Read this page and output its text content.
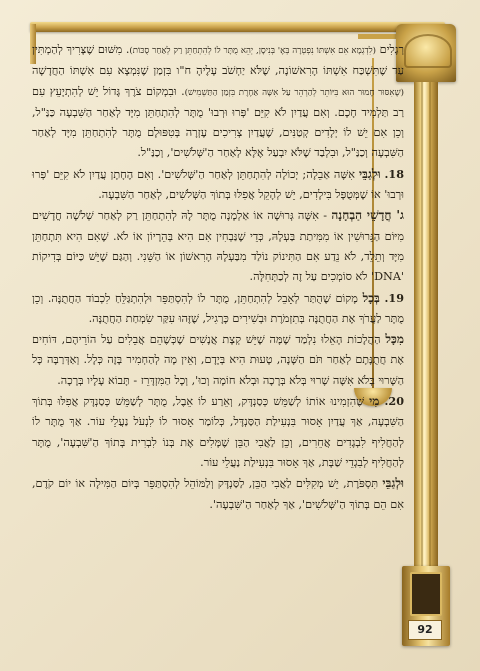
92

רְגָלִים (לִדְגְמָא אִם אִשְׁתּוֹ נִפְטְרָה בְּאֶ' בְּנִיסָן, יְהֵא מֻתָּר לוֹ לְהִתְחַתֵּן רַק לְאַחַר סֻכּוֹת). מִשּׁוּם שֶׁצָּרִיךְ לְהַמְתִּין עַד שֶׁתִּשְׁכַּח אִשְׁתּוֹ הָרִאשׁוֹנָה, שֶׁלֹּא יַחְשֹׁב עָלֶיהָ ח"ו בִּזְמַן שֶׁנִּמְצָא עִם אִשְׁתּוֹ הַחֲדָשָׁה (שֶׁאִסּוּר חָמוּר הוּא בִּיּוֹתֵר לְהַרְהֵר עַל אִשָּׁה אַחֶרֶת בִּזְמַן הַתַּשְׁמִישׁ). וּבִמְקוֹם צֹרֶךְ גָּדוֹל יֵשׁ לְהִתְיָעֵץ עִם רַב תַּלְמִיד חָכָם. וְאִם עֲדַיִן לֹא קִיֵּם 'פְּרוּ וּרְבוּ' מֻתָּר לְהִתְחַתֵּן מִיָּד לְאַחַר הַשִּׁבְעָה כַּנַּ"ל, וְכֵן אִם יֵשׁ לוֹ יְלָדִים קְטַנִּים, שֶׁעֲדַיִן צְרִיכִים עֶזְרָה בְּטִפּוּלָם מֻתָּר לְהִתְחַתֵּן מִיָּד לְאַחַר הַשִּׁבְעָה וְכַנַּ"ל, וּבִלְבַד שֶׁלֹּא יִבְעַל אֶלָּא לְאַחַר הַ'שְּׁלֹשִׁים', וְכַנַּ"ל.

18. וּלְגַבֵּי אִשָּׁה אַבֵלָה; יְכוֹלָה לְהִתְחַתֵּן לְאַחַר הַ'שְּׁלֹשִׁים'. וְאִם הֶחָתָן עֲדַיִן לֹא קִיֵּם 'פְּרוּ וּרְבוּ' אוֹ שֶׁמְּטֻפָּל בִּילָדִים, יֵשׁ לְהָקֵל אֲפִלּוּ בְּתוֹךְ הַשְּׁלֹשִׁים, לְאַחַר הַשִּׁבְעָה.

ג' חֳדָשֵׁי הַבְחָנָה - אִשָּׁה גְּרוּשָׁה אוֹ אַלְמָנָה מֻתָּר לָהּ לְהִתְחַתֵּן רַק לְאַחַר שְׁלֹשָׁה חֳדָשִׁים מִיּוֹם הַגֵּרוּשִׁין אוֹ מִמִּיתַת בַּעְלָהּ, כְּדֵי שֶׁנַּבְחִין אִם הִיא בְּהֵרָיוֹן אוֹ לֹא. שֶׁאִם הִיא תִּתְחַתֵּן מִיָּד וְתֵלֵד, לֹא נֵדַע אִם הַתִּינוֹק נוֹלַד מִבַּעְלָהּ הָרִאשׁוֹן אוֹ הַשֵּׁנִי. וְהַגַּם שֶׁיֵּשׁ כַּיּוֹם בְּדִיקוֹת 'DNA' לֹא סוֹמְכִים עַל זֶה לְכַתְּחִלָּה.

19. בְּכָל מָקוֹם שֶׁהֻתַּר לְאָבֵל לְהִתְחַתֵּן, מֻתָּר לוֹ לְהִסְתַּפֵּר וּלְהִתְגַּלֵּחַ לִכְבוֹד הַחֲתֻנָּה. וְכֵן מֻתָּר לַעֲרֹךְ אֶת הַחֲתֻנָּה בְּתִזְמֹרֶת וּבְשִׁירִים כָּרָגִיל, שֶׁזֶּהוּ עִקַּר שִׂמְחַת הַחֲתֻנָּה.

מִכָּל הַהֲלָכוֹת הָאֵלוּ נִלְמַד שֶׁמָּה שֶׁיֵּשׁ קְצָת אֲנָשִׁים שֶׁכְּשֶׁהֵם אֲבֵלִים עַל הוֹרֵיהֶם, דּוֹחִים אֶת חֲתֻנָּתָם לְאַחַר תֹּם הַשָּׁנָה, טָעוּת הִיא בְּיָדָם, וְאֵין מָה לְהַחְמִיר בָּזֶה כְּלָל. וְאַדְּרַבָּה כָּל הַשָּׁרוּי בְּלֹא אִשָּׁה שָׁרוּי בְּלֹא בְּרָכָה וּבְלֹא חוֹמָה וְכוּ', וְכָל הַמִּזְדָּרֵז - תָּבוֹא עָלָיו בְּרָכָה.

20. מִי שֶׁהִזְמִינוּ אוֹתוֹ לְשַׁמֵּשׁ כְּסַנְדָּק, וְאֵרַע לוֹ אֵבֶל, מֻתָּר לְשַׁמֵּשׁ כְּסַנְדָּק אֲפִלּוּ בְּתוֹךְ הַשִּׁבְעָה, אַךְ עֲדַיִן אָסוּר בִּנְעִילַת הַסַּנְדָּל, כְּלוֹמַר אָסוּר לוֹ לִנְעֹל נַעֲלֵי עוֹר. אַךְ מֻתָּר לוֹ לְהַחֲלִיף לִבְגָדִים אֲחֵרִים, וְכֵן לַאֲבִי הַבֵּן שֶׁמָּלִים אֶת בְּנוֹ לִבְרִית בְּתוֹךְ הַ'שִּׁבְעָה', מֻתָּר לְהַחֲלִיף לְבִגְדֵי שַׁבָּת, אַךְ אָסוּר בִּנְעִילַת נַעֲלֵי עוֹר.

וּלְגַבֵּי תִּסְפֹּרֶת, יֵשׁ מְקִלִּים לַאֲבִי הַבֵּן, לַסַּנְדָּק וְלַמּוֹהֵל לְהִסְתַּפֵּר בְּיוֹם הַמִּילָה אוֹ יוֹם קֹדֶם, אִם הֵם בְּתוֹךְ הַ'שְּׁלֹשִׁים', אַךְ לְאַחַר הַ'שִּׁבְעָה'.
